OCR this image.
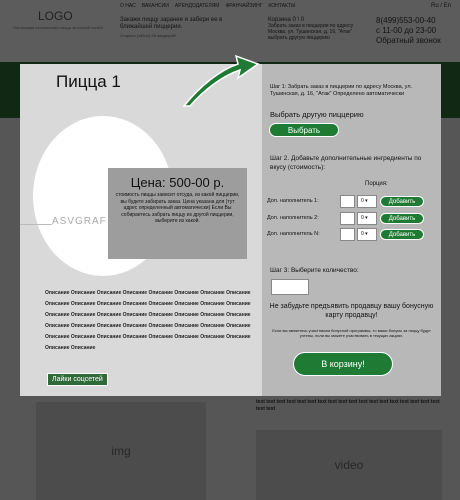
Пицца 1
ASVGRAF
Цена: 500-00 р.
стоимость пиццы зависит отсуда, из какой пиццерии, вы будете забирать заказ. Цена указана для (тут адрес определенный автоматически) Если Вы собираетесь забрать пиццу из другой пиццерии, выберите из какой.
Описание Описание Описание Описание Описание Описание Описание Описание
Описание Описание Описание Описание Описание Описание Описание Описание
Описание Описание Описание Описание Описание Описание Описание Описание
Описание Описание Описание Описание Описание Описание Описание Описание
Описание Описание Описание Описание Описание Описание Описание Описание
Описание Описание
Лайки соцсетей
Шаг 1: Забрать заказ в пиццерии по адресу Москва, ул. Тушинская, д. 16, "Атак" Определено автоматически
Выбрать другую пиццерию
Выбрать
Шаг 2. Добавьте дополнительные ингредиенты по вкусу (стоимость):
Порция:
Доп. наполнитель 1:	0 ▾	Добавить
Доп. наполнитель 2:	0 ▾	Добавить
Доп. наполнитель N:	0 ▾	Добавить
Шаг 3: Выберите количество:
Не забудьте предъявить продавцу вашу бонусную карту продавцу!
Если вы являетесь участником бонусной программы, то ваши бонусы за пиццу будут учтены, если вы можете участвовать в текущих акциях.
В корзину!
